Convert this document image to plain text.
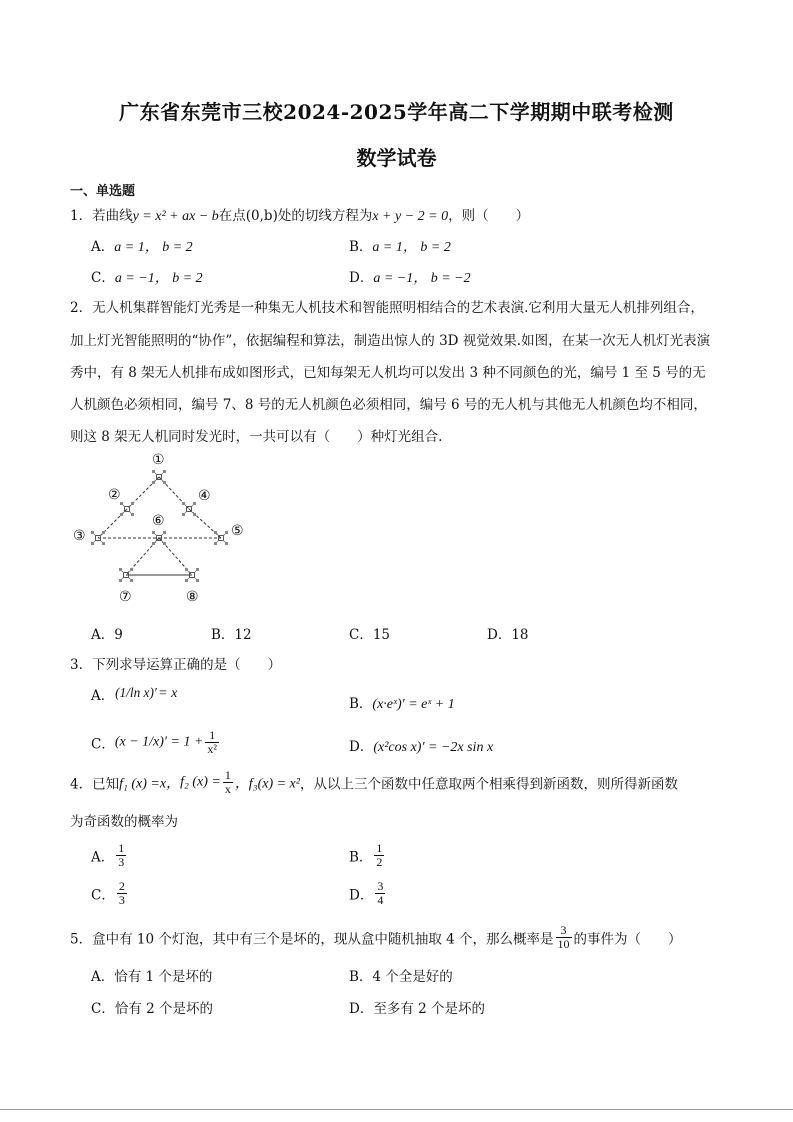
广东省东莞市三校2024-2025学年高二下学期期中联考检测
数学试卷
一、单选题
1．若曲线y = x² + ax − b在点(0,b)处的切线方程为x + y − 2 = 0，则（　　）
A．a = 1， b = 2	B．a = 1， b = 2
C．a = −1， b = 2	D．a = −1， b = −2
2．无人机集群智能灯光秀是一种集无人机技术和智能照明相结合的艺术表演.它利用大量无人机排列组合，
加上灯光智能照明的“协作”，依据编程和算法，制造出惊人的 3D 视觉效果.如图，在某一次无人机灯光表演
秀中，有 8 架无人机排布成如图形式，已知每架无人机均可以发出 3 种不同颜色的光，编号 1 至 5 号的无
人机颜色必须相同，编号 7、8 号的无人机颜色必须相同，编号 6 号的无人机与其他无人机颜色均不相同，
则这 8 架无人机同时发光时，一共可以有（　　）种灯光组合.
①
②
③
④
⑤
⑥
⑦	⑧
A．9	B．12	C．15	D．18
3．下列求导运算正确的是（　　）
A．(1/ln x)′= x
B．(x·eˣ)′ = eˣ + 1
C．$(x - 1/x)' = 1 + \frac{1}{\text{x²}}$	D．(x²cos x)′ = −2x sin x
4．已知f₁ (x) =x，f₂ $(x) = \frac{1}{x}$ ，f₃(x) = x²，从以上三个函数中任意取两个相乘得到新函数，则所得新函数
为奇函数的概率为
A． $\frac{1}{3}$	B． $\frac{1}{2}$
C． $\frac{2}{3}$	D． $\frac{3}{4}$
5．盒中有 10 个灯泡，其中有三个是坏的，现从盒中随机抽取 4 个，那么概率是 $\frac{3}{10}$ 的事件为（　　）
A．恰有 1 个是坏的	B．4 个全是好的
C．恰有 2 个是坏的	D．至多有 2 个是坏的
